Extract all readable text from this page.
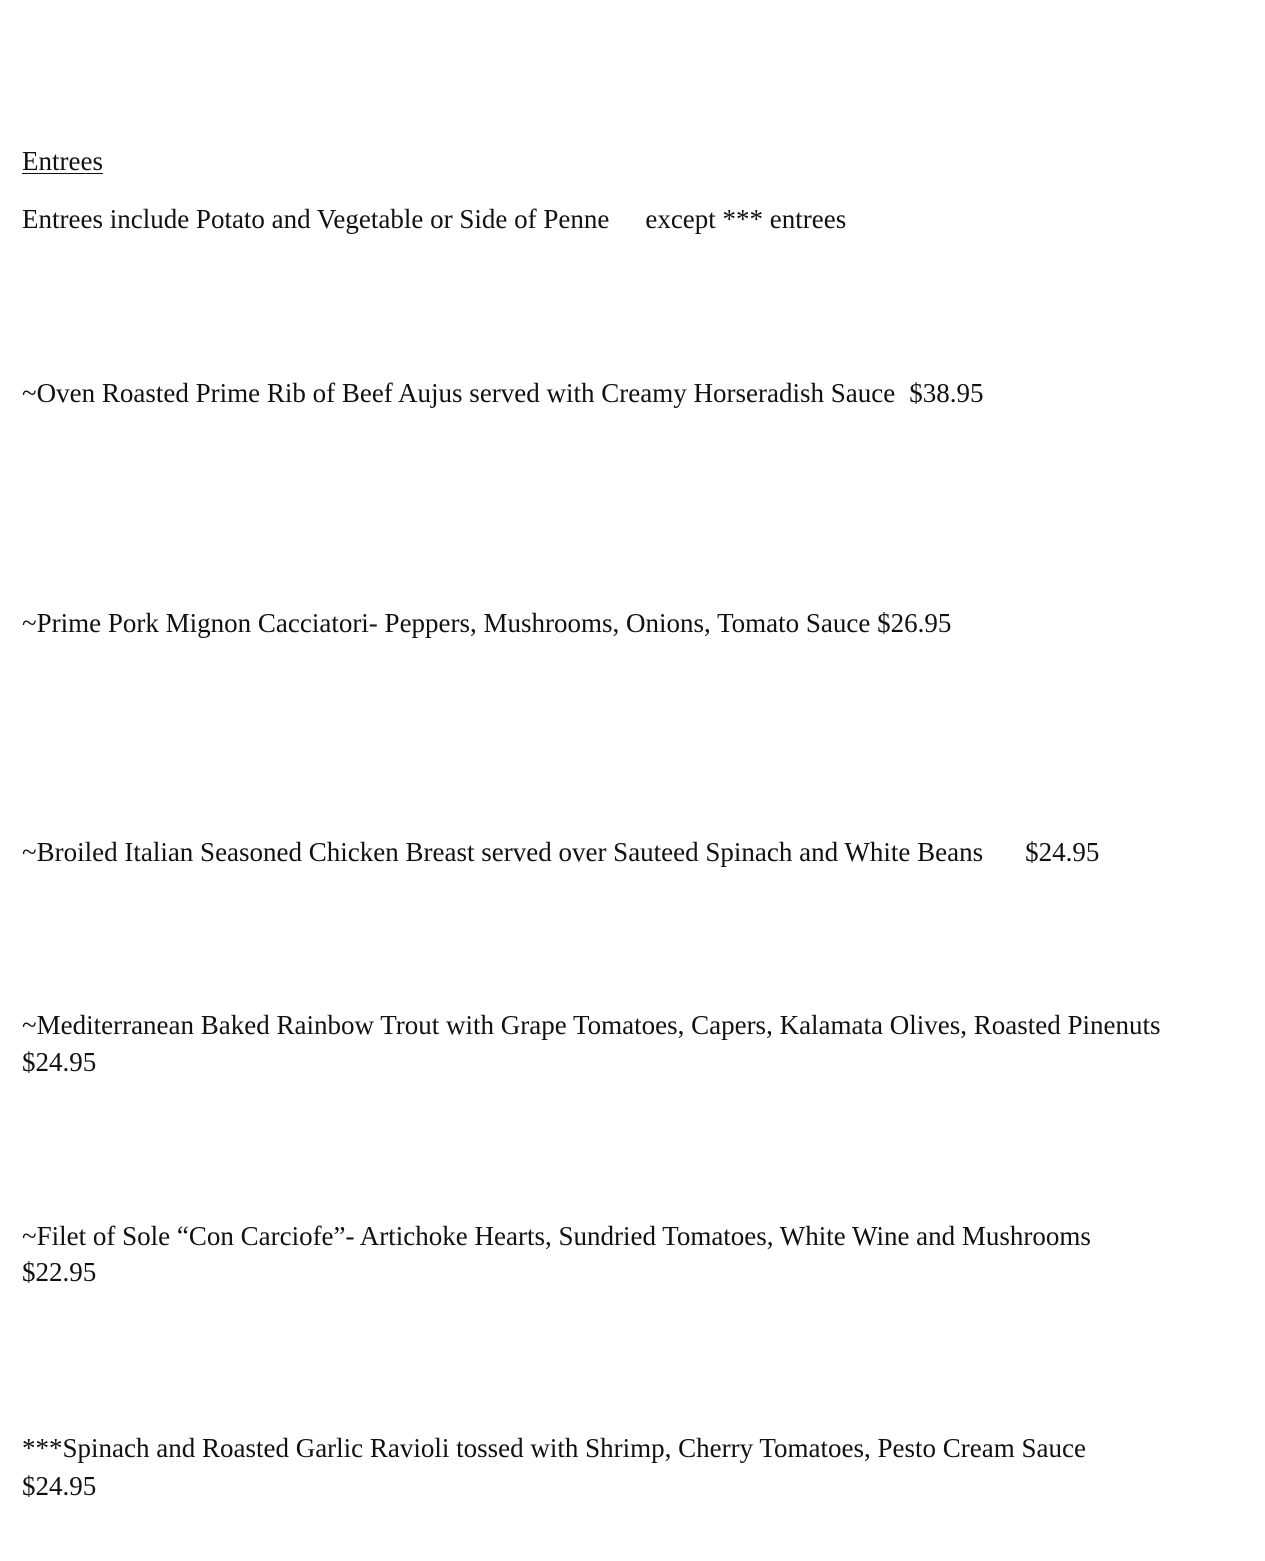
Entrees

Entrees include Potato and Vegetable or Side of Penne except *** entrees

~Oven Roasted Prime Rib of Beef Aujus served with Creamy Horseradish Sauce $38.95

~Prime Pork Mignon Cacciatori- Peppers, Mushrooms, Onions, Tomato Sauce $26.95

~Broiled Italian Seasoned Chicken Breast served over Sauteed Spinach and White Beans $24.95

~Mediterranean Baked Rainbow Trout with Grape Tomatoes, Capers, Kalamata Olives, Roasted Pinenuts

$24.95

~Filet of Sole “Con Carciofe”- Artichoke Hearts, Sundried Tomatoes, White Wine and Mushrooms

$22.95

***Spinach and Roasted Garlic Ravioli tossed with Shrimp, Cherry Tomatoes, Pesto Cream Sauce

$24.95
